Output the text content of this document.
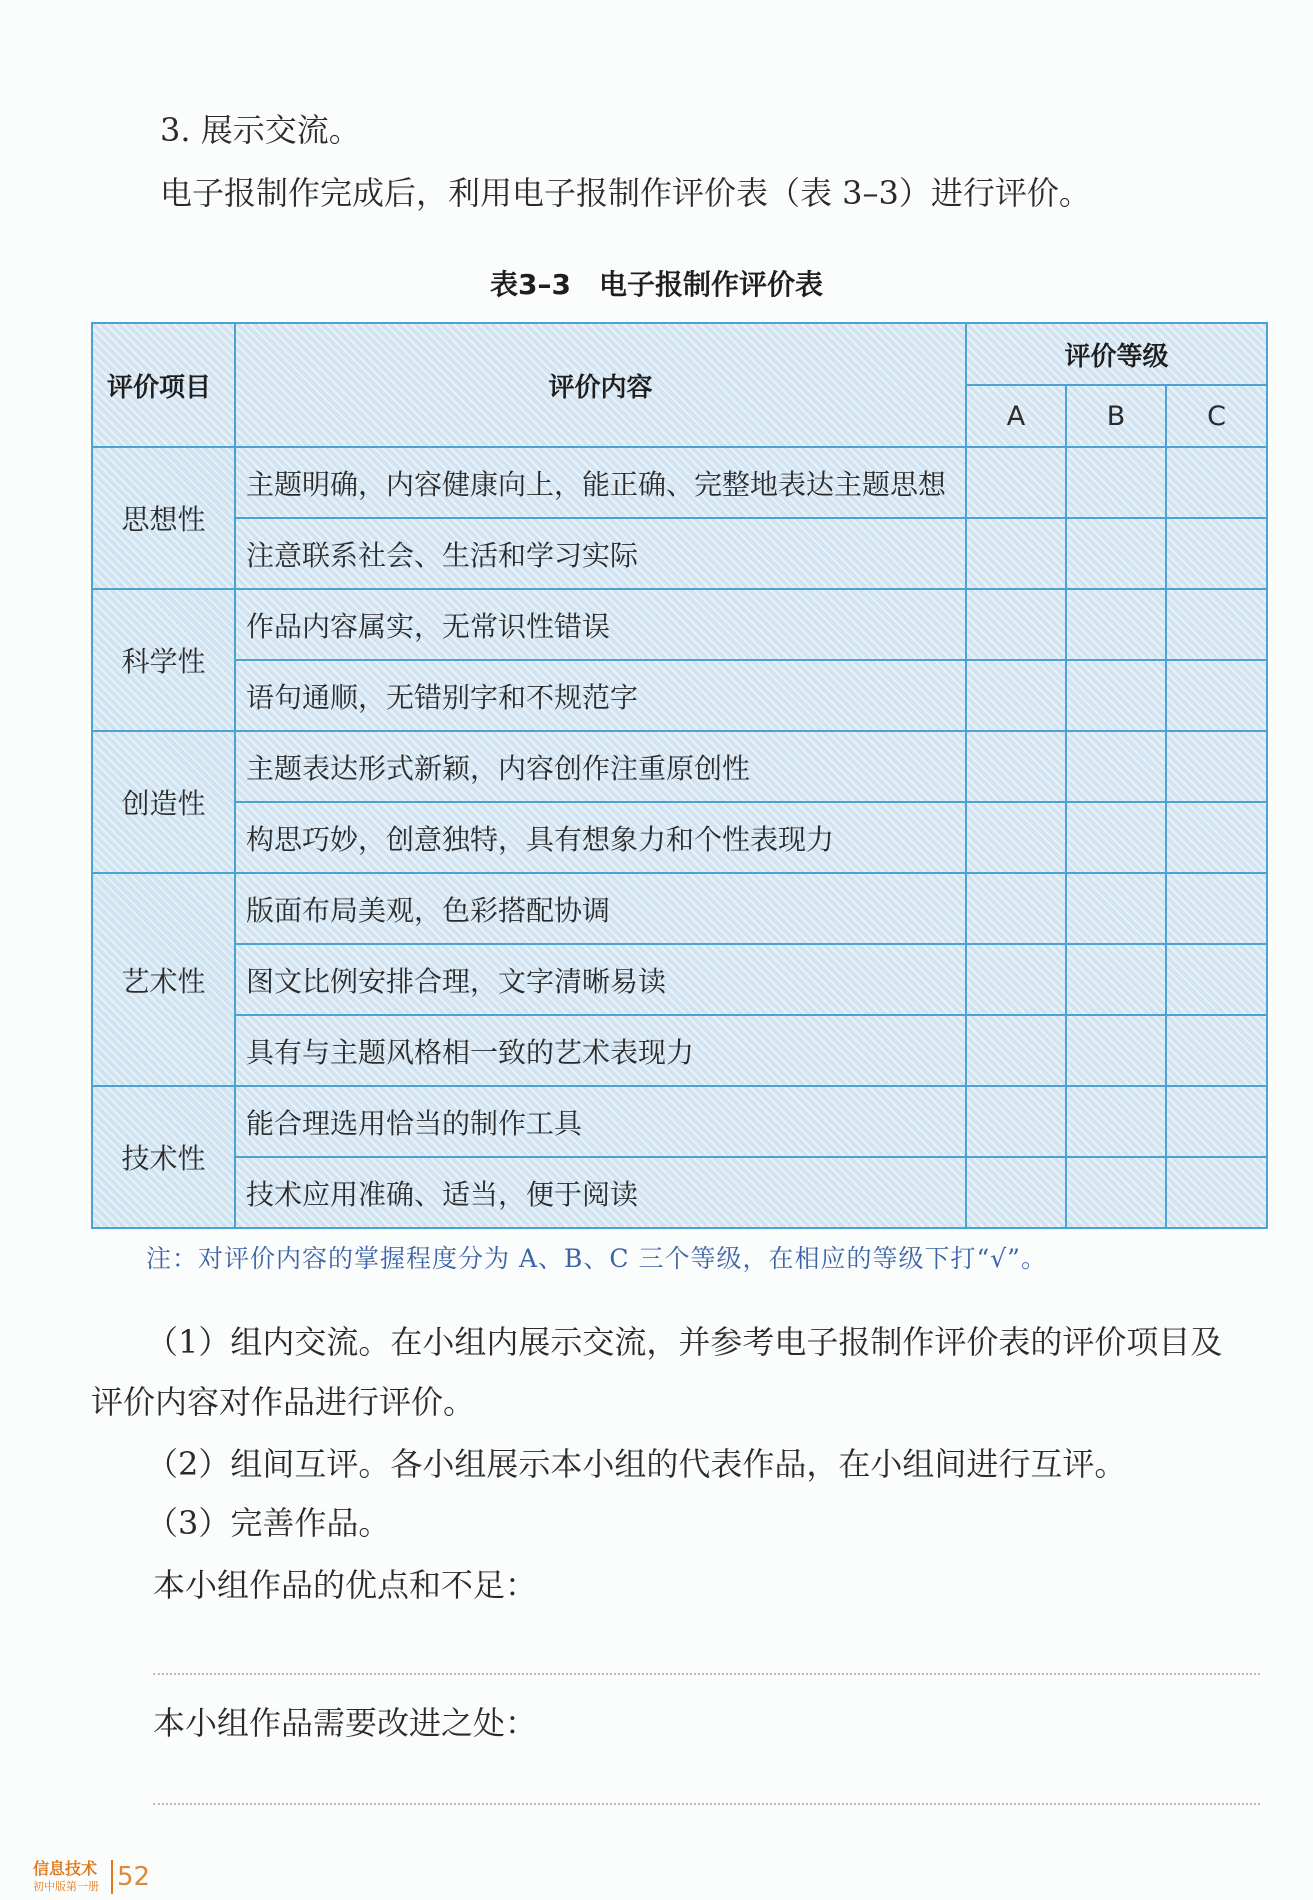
3. 展示交流。
电子报制作完成后，利用电子报制作评价表（表 3–3）进行评价。
表3–3　电子报制作评价表
评价项目	评价内容	评价等级		
		A	B	C
思想性	主题明确，内容健康向上，能正确、完整地表达主题思想			
	注意联系社会、生活和学习实际			
科学性	作品内容属实，无常识性错误			
	语句通顺，无错别字和不规范字			
创造性	主题表达形式新颖，内容创作注重原创性			
	构思巧妙，创意独特，具有想象力和个性表现力			
艺术性	版面布局美观，色彩搭配协调			
	图文比例安排合理，文字清晰易读			
	具有与主题风格相一致的艺术表现力			
技术性	能合理选用恰当的制作工具			
	技术应用准确、适当，便于阅读			
注：对评价内容的掌握程度分为 A、B、C 三个等级，在相应的等级下打“√”。
（1）组内交流。在小组内展示交流，并参考电子报制作评价表的评价项目及
评价内容对作品进行评价。
（2）组间互评。各小组展示本小组的代表作品，在小组间进行互评。
（3）完善作品。
本小组作品的优点和不足：
本小组作品需要改进之处：
信息技术
初中版第一册 52
